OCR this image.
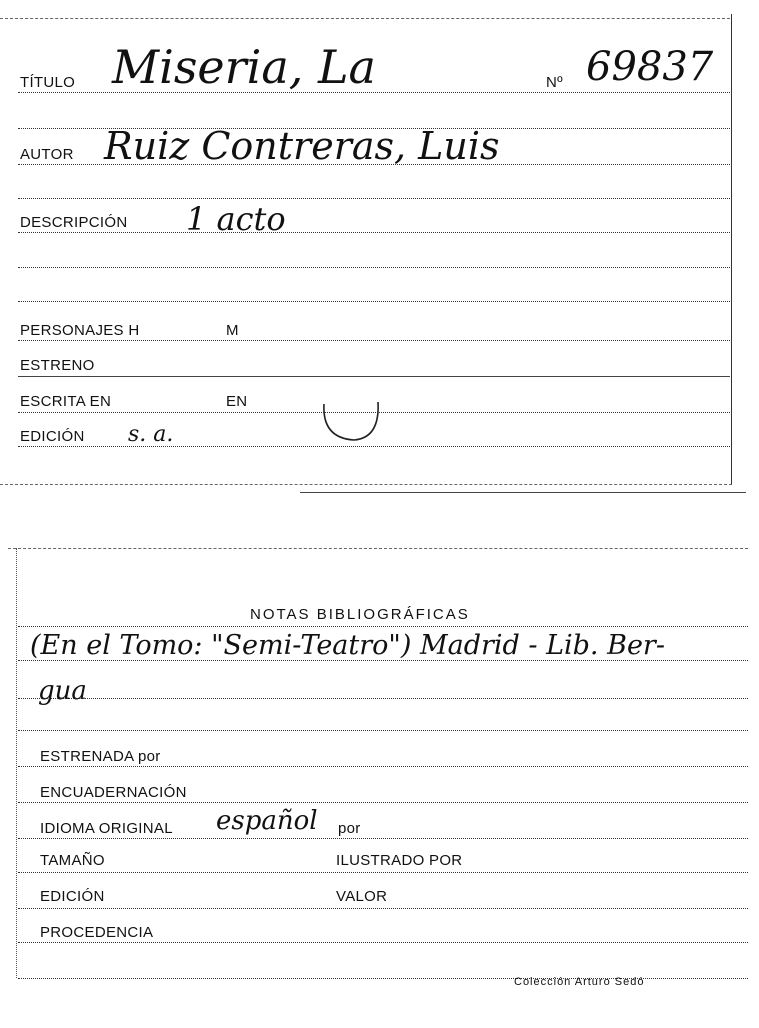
TÍTULO Miseria, La	Nº 69837
AUTOR Ruiz Contreras, Luis
DESCRIPCIÓN 1 acto
PERSONAJES H	M
ESTRENO
ESCRITA EN	EN
EDICIÓN s. a.
NOTAS BIBLIOGRÁFICAS
(En el Tomo: "Semi-Teatro") Madrid - Lib. Ber-
gua
ESTRENADA por
ENCUADERNACIÓN
IDIOMA ORIGINAL español por
TAMAÑO	ILUSTRADO POR
EDICIÓN	VALOR
PROCEDENCIA
Colección Arturo Sedó
